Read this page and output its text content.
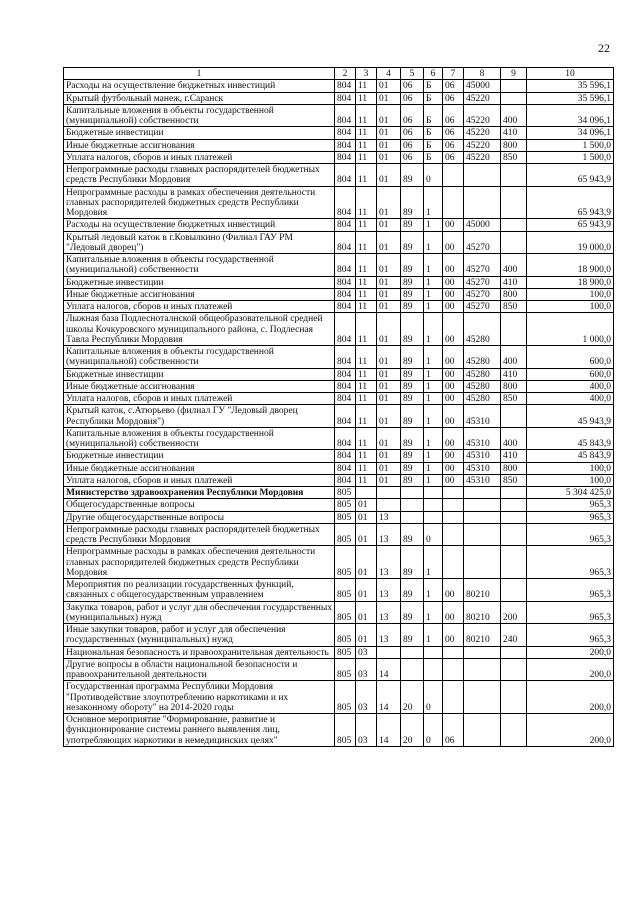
22
1	2	3	4	5	6	7	8	9	10
Расходы на осуществление бюджетных инвестиций	804	11	01	06	Б	06	45000		35 596,1
Крытый футбольный манеж, г.Саранск	804	11	01	06	Б	06	45220		35 596,1
Капитальные вложения в объекты государственной (муниципальной) собственности	804	11	01	06	Б	06	45220	400	34 096,1
Бюджетные инвестиции	804	11	01	06	Б	06	45220	410	34 096,1
Иные бюджетные ассигнования	804	11	01	06	Б	06	45220	800	1 500,0
Уплата налогов, сборов и иных платежей	804	11	01	06	Б	06	45220	850	1 500,0
Непрограммные расходы главных распорядителей бюджетных средств Республики Мордовия	804	11	01	89	0				65 943,9
Непрограммные расходы в рамках обеспечения деятельности главных распорядителей бюджетных средств Республики Мордовия	804	11	01	89	1				65 943,9
Расходы на осуществление бюджетных инвестиций	804	11	01	89	1	00	45000		65 943,9
Крытый ледовый каток в г.Ковылкино (Филиал ГАУ РМ "Ледовый дворец")	804	11	01	89	1	00	45270		19 000,0
Капитальные вложения в объекты государственной (муниципальной) собственности	804	11	01	89	1	00	45270	400	18 900,0
Бюджетные инвестиции	804	11	01	89	1	00	45270	410	18 900,0
Иные бюджетные ассигнования	804	11	01	89	1	00	45270	800	100,0
Уплата налогов, сборов и иных платежей	804	11	01	89	1	00	45270	850	100,0
Лыжная база Подлесноталнской общеобразовательной средней школы Кочкуровского муниципального района, с. Подлесная Тавла Республики Мордовия	804	11	01	89	1	00	45280		1 000,0
Капитальные вложения в объекты государственной (муниципальной) собственности	804	11	01	89	1	00	45280	400	600,0
Бюджетные инвестиции	804	11	01	89	1	00	45280	410	600,0
Иные бюджетные ассигнования	804	11	01	89	1	00	45280	800	400,0
Уплата налогов, сборов и иных платежей	804	11	01	89	1	00	45280	850	400,0
Крытый каток, с.Атюрьево (филиал ГУ "Ледовый дворец Республики Мордовия")	804	11	01	89	1	00	45310		45 943,9
Капитальные вложения в объекты государственной (муниципальной) собственности	804	11	01	89	1	00	45310	400	45 843,9
Бюджетные инвестиции	804	11	01	89	1	00	45310	410	45 843,9
Иные бюджетные ассигнования	804	11	01	89	1	00	45310	800	100,0
Уплата налогов, сборов и иных платежей	804	11	01	89	1	00	45310	850	100,0
Министерство здравоохранения Республики Мордовия	805								5 304 425,0
Общегосударственные вопросы	805	01							965,3
Другие общегосударственные вопросы	805	01	13						965,3
Непрограммные расходы главных распорядителей бюджетных средств Республики Мордовия	805	01	13	89	0				965,3
Непрограммные расходы в рамках обеспечения деятельности главных распорядителей бюджетных средств Республики Мордовия	805	01	13	89	1				965,3
Мероприятия по реализации государственных функций, связанных с общегосударственным управлением	805	01	13	89	1	00	80210		965,3
Закупка товаров, работ и услуг для обеспечения государственных (муниципальных) нужд	805	01	13	89	1	00	80210	200	965,3
Иные закупки товаров, работ и услуг для обеспечения государственных (муниципальных) нужд	805	01	13	89	1	00	80210	240	965,3
Национальная безопасность и правоохранительная деятельность	805	03							200,0
Другие вопросы в области национальной безопасности и правоохранительной деятельности	805	03	14						200,0
Государственная программа Республики Мордовия "Противодействие злоупотреблению наркотиками и их незаконному обороту" на 2014-2020 годы	805	03	14	20	0				200,0
Основное мероприятие "Формирование, развитие и функционирование системы раннего выявления лиц, употребляющих наркотики в немедицинских целях"	805	03	14	20	0	06			200,0
